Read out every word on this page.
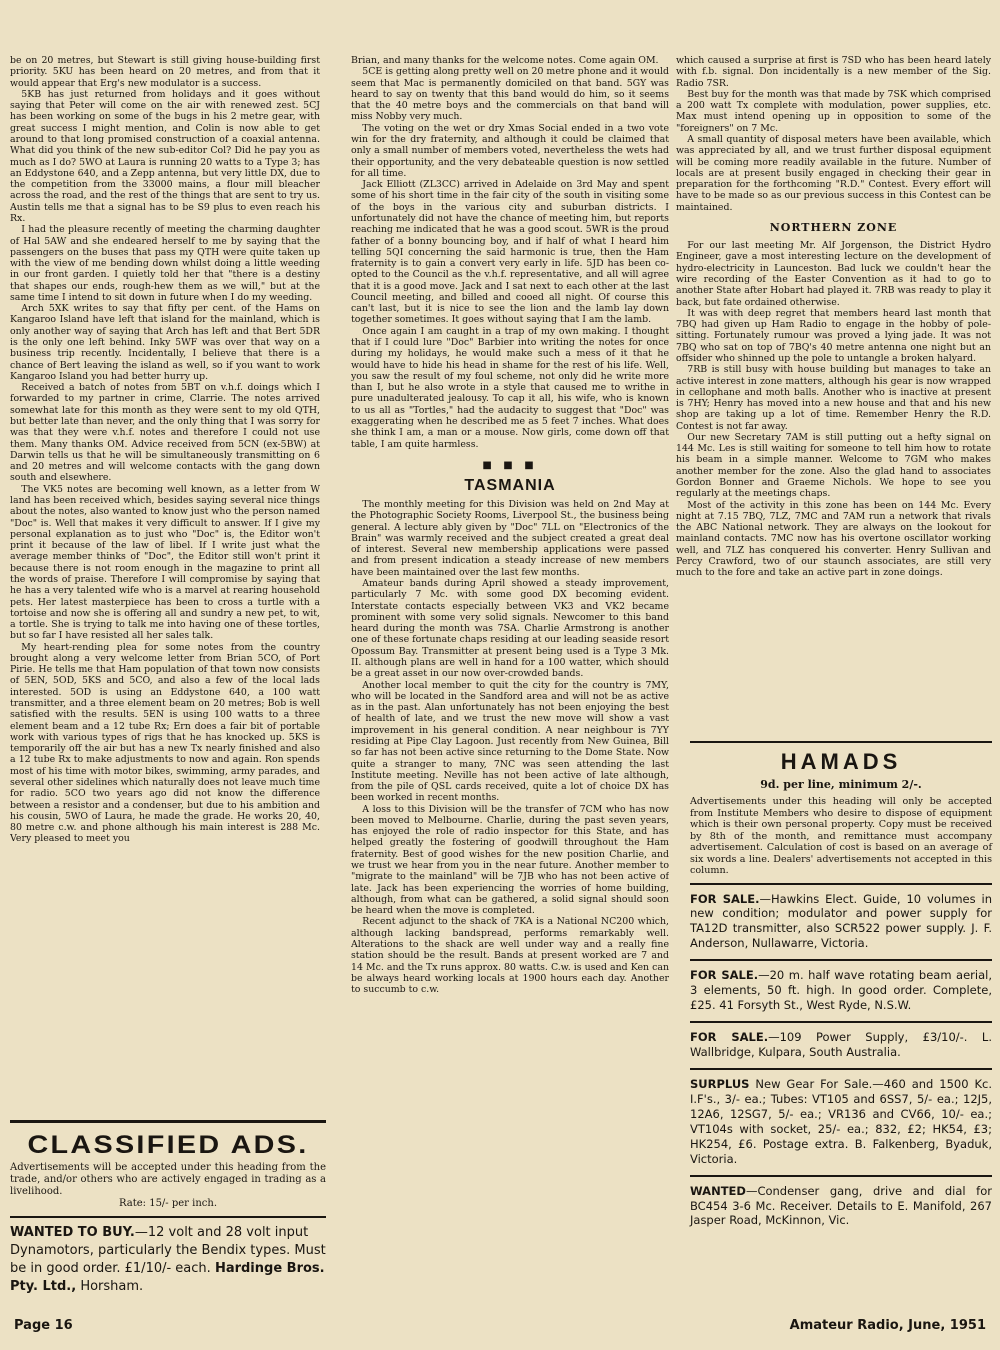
be on 20 metres, but Stewart is still giving house-building first priority. 5KU has been heard on 20 metres, and from that it would appear that Erg's new modulator is a success.

5KB has just returned from holidays and it goes without saying that Peter will come on the air with renewed zest. 5CJ has been working on some of the bugs in his 2 metre gear, with great success I might mention, and Colin is now able to get around to that long promised construction of a coaxial antenna. What did you think of the new sub-editor Col? Did he pay you as much as I do? 5WO at Laura is running 20 watts to a Type 3; has an Eddystone 640, and a Zepp antenna, but very little DX, due to the competition from the 33000 mains, a flour mill bleacher across the road, and the rest of the things that are sent to try us. Austin tells me that a signal has to be S9 plus to even reach his Rx.

I had the pleasure recently of meeting the charming daughter of Hal 5AW and she endeared herself to me by saying that the passengers on the buses that pass my QTH were quite taken up with the view of me bending down whilst doing a little weeding in our front garden. I quietly told her that "there is a destiny that shapes our ends, rough-hew them as we will," but at the same time I intend to sit down in future when I do my weeding.

Arch 5XK writes to say that fifty per cent. of the Hams on Kangaroo Island have left that island for the mainland, which is only another way of saying that Arch has left and that Bert 5DR is the only one left behind. Inky 5WF was over that way on a business trip recently. Incidentally, I believe that there is a chance of Bert leaving the island as well, so if you want to work Kangaroo Island you had better hurry up.

Received a batch of notes from 5BT on v.h.f. doings which I forwarded to my partner in crime, Clarrie. The notes arrived somewhat late for this month as they were sent to my old QTH, but better late than never, and the only thing that I was sorry for was that they were v.h.f. notes and therefore I could not use them. Many thanks OM. Advice received from 5CN (ex-5BW) at Darwin tells us that he will be simultaneously transmitting on 6 and 20 metres and will welcome contacts with the gang down south and elsewhere.

The VK5 notes are becoming well known, as a letter from W land has been received which, besides saying several nice things about the notes, also wanted to know just who the person named "Doc" is. Well that makes it very difficult to answer. If I give my personal explanation as to just who "Doc" is, the Editor won't print it because of the law of libel. If I write just what the average member thinks of "Doc", the Editor still won't print it because there is not room enough in the magazine to print all the words of praise. Therefore I will compromise by saying that he has a very talented wife who is a marvel at rearing household pets. Her latest masterpiece has been to cross a turtle with a tortoise and now she is offering all and sundry a new pet, to wit, a tortle. She is trying to talk me into having one of these tortles, but so far I have resisted all her sales talk.

My heart-rending plea for some notes from the country brought along a very welcome letter from Brian 5CO, of Port Pirie. He tells me that Ham population of that town now consists of 5EN, 5OD, 5KS and 5CO, and also a few of the local lads interested. 5OD is using an Eddystone 640, a 100 watt transmitter, and a three element beam on 20 metres; Bob is well satisfied with the results. 5EN is using 100 watts to a three element beam and a 12 tube Rx; Ern does a fair bit of portable work with various types of rigs that he has knocked up. 5KS is temporarily off the air but has a new Tx nearly finished and also a 12 tube Rx to make adjustments to now and again. Ron spends most of his time with motor bikes, swimming, army parades, and several other sidelines which naturally does not leave much time for radio. 5CO two years ago did not know the difference between a resistor and a condenser, but due to his ambition and his cousin, 5WO of Laura, he made the grade. He works 20, 40, 80 metre c.w. and phone although his main interest is 288 Mc. Very pleased to meet you

CLASSIFIED ADS.

Advertisements will be accepted under this heading from the trade, and/or others who are actively engaged in trading as a livelihood.
Rate: 15/- per inch.

WANTED TO BUY.—12 volt and 28 volt input Dynamotors, particularly the Bendix types. Must be in good order. £1/10/- each. Hardinge Bros. Pty. Ltd., Horsham.

Brian, and many thanks for the welcome notes. Come again OM.

5CE is getting along pretty well on 20 metre phone and it would seem that Mac is permanently domiciled on that band. 5GY was heard to say on twenty that this band would do him, so it seems that the 40 metre boys and the commercials on that band will miss Nobby very much.

The voting on the wet or dry Xmas Social ended in a two vote win for the dry fraternity, and although it could be claimed that only a small number of members voted, nevertheless the wets had their opportunity, and the very debateable question is now settled for all time.

Jack Elliott (ZL3CC) arrived in Adelaide on 3rd May and spent some of his short time in the fair city of the south in visiting some of the boys in the various city and suburban districts. I unfortunately did not have the chance of meeting him, but reports reaching me indicated that he was a good scout. 5WR is the proud father of a bonny bouncing boy, and if half of what I heard him telling 5QI concerning the said harmonic is true, then the Ham fraternity is to gain a convert very early in life. 5JD has been co-opted to the Council as the v.h.f. representative, and all will agree that it is a good move. Jack and I sat next to each other at the last Council meeting, and billed and cooed all night. Of course this can't last, but it is nice to see the lion and the lamb lay down together sometimes. It goes without saying that I am the lamb.

Once again I am caught in a trap of my own making. I thought that if I could lure "Doc" Barbier into writing the notes for once during my holidays, he would make such a mess of it that he would have to hide his head in shame for the rest of his life. Well, you saw the result of my foul scheme, not only did he write more than I, but he also wrote in a style that caused me to writhe in pure unadulterated jealousy. To cap it all, his wife, who is known to us all as "Tortles," had the audacity to suggest that "Doc" was exaggerating when he described me as 5 feet 7 inches. What does she think I am, a man or a mouse. Now girls, come down off that table, I am quite harmless.

■ ■ ■
TASMANIA

The monthly meeting for this Division was held on 2nd May at the Photographic Society Rooms, Liverpool St., the business being general. A lecture ably given by "Doc" 7LL on "Electronics of the Brain" was warmly received and the subject created a great deal of interest. Several new membership applications were passed and from present indication a steady increase of new members have been maintained over the last few months.

Amateur bands during April showed a steady improvement, particularly 7 Mc. with some good DX becoming evident. Interstate contacts especially between VK3 and VK2 became prominent with some very solid signals. Newcomer to this band heard during the month was 7SA. Charlie Armstrong is another one of these fortunate chaps residing at our leading seaside resort Opossum Bay. Transmitter at present being used is a Type 3 Mk. II. although plans are well in hand for a 100 watter, which should be a great asset in our now over-crowded bands.

Another local member to quit the city for the country is 7MY, who will be located in the Sandford area and will not be as active as in the past. Alan unfortunately has not been enjoying the best of health of late, and we trust the new move will show a vast improvement in his general condition. A near neighbour is 7YY residing at Pipe Clay Lagoon. Just recently from New Guinea, Bill so far has not been active since returning to the Dome State. Now quite a stranger to many, 7NC was seen attending the last Institute meeting. Neville has not been active of late although, from the pile of QSL cards received, quite a lot of choice DX has been worked in recent months.

A loss to this Division will be the transfer of 7CM who has now been moved to Melbourne. Charlie, during the past seven years, has enjoyed the role of radio inspector for this State, and has helped greatly the fostering of goodwill throughout the Ham fraternity. Best of good wishes for the new position Charlie, and we trust we hear from you in the near future. Another member to "migrate to the mainland" will be 7JB who has not been active of late. Jack has been experiencing the worries of home building, although, from what can be gathered, a solid signal should soon be heard when the move is completed.

Recent adjunct to the shack of 7KA is a National NC200 which, although lacking bandspread, performs remarkably well. Alterations to the shack are well under way and a really fine station should be the result. Bands at present worked are 7 and 14 Mc. and the Tx runs approx. 80 watts. C.w. is used and Ken can be always heard working locals at 1900 hours each day. Another to succumb to c.w.

which caused a surprise at first is 7SD who has been heard lately with f.b. signal. Don incidentally is a new member of the Sig. Radio 7SR.

Best buy for the month was that made by 7SK which comprised a 200 watt Tx complete with modulation, power supplies, etc. Max must intend opening up in opposition to some of the "foreigners" on 7 Mc.

A small quantity of disposal meters have been available, which was appreciated by all, and we trust further disposal equipment will be coming more readily available in the future. Number of locals are at present busily engaged in checking their gear in preparation for the forthcoming "R.D." Contest. Every effort will have to be made so as our previous success in this Contest can be maintained.

NORTHERN ZONE

For our last meeting Mr. Alf Jorgenson, the District Hydro Engineer, gave a most interesting lecture on the development of hydro-electricity in Launceston. Bad luck we couldn't hear the wire recording of the Easter Convention as it had to go to another State after Hobart had played it. 7RB was ready to play it back, but fate ordained otherwise.

It was with deep regret that members heard last month that 7BQ had given up Ham Radio to engage in the hobby of pole-sitting. Fortunately rumour was proved a lying jade. It was not 7BQ who sat on top of 7BQ's 40 metre antenna one night but an offsider who shinned up the pole to untangle a broken halyard.

7RB is still busy with house building but manages to take an active interest in zone matters, although his gear is now wrapped in cellophane and moth balls. Another who is inactive at present is 7HY; Henry has moved into a new house and that and his new shop are taking up a lot of time. Remember Henry the R.D. Contest is not far away.

Our new Secretary 7AM is still putting out a hefty signal on 144 Mc. Les is still waiting for someone to tell him how to rotate his beam in a simple manner. Welcome to 7GM who makes another member for the zone. Also the glad hand to associates Gordon Bonner and Graeme Nichols. We hope to see you regularly at the meetings chaps.

Most of the activity in this zone has been on 144 Mc. Every night at 7.15 7BQ, 7LZ, 7MC and 7AM run a network that rivals the ABC National network. They are always on the lookout for mainland contacts. 7MC now has his overtone oscillator working well, and 7LZ has conquered his converter. Henry Sullivan and Percy Crawford, two of our staunch associates, are still very much to the fore and take an active part in zone doings.

HAMADS
9d. per line, minimum 2/-.

Advertisements under this heading will only be accepted from Institute Members who desire to dispose of equipment which is their own personal property. Copy must be received by 8th of the month, and remittance must accompany advertisement. Calculation of cost is based on an average of six words a line. Dealers' advertisements not accepted in this column.

FOR SALE.—Hawkins Elect. Guide, 10 volumes in new condition; modulator and power supply for TA12D transmitter, also SCR522 power supply. J. F. Anderson, Nullawarre, Victoria.
FOR SALE.—20 m. half wave rotating beam aerial, 3 elements, 50 ft. high. In good order. Complete, £25. 41 Forsyth St., West Ryde, N.S.W.
FOR SALE.—109 Power Supply, £3/10/-. L. Wallbridge, Kulpara, South Australia.
SURPLUS New Gear For Sale.—460 and 1500 Kc. I.F's., 3/- ea.; Tubes: VT105 and 6SS7, 5/- ea.; 12J5, 12A6, 12SG7, 5/- ea.; VR136 and CV66, 10/- ea.; VT104s with socket, 25/- ea.; 832, £2; HK54, £3; HK254, £6. Postage extra. B. Falkenberg, Byaduk, Victoria.
WANTED—Condenser gang, drive and dial for BC454 3-6 Mc. Receiver. Details to E. Manifold, 267 Jasper Road, McKinnon, Vic.
Page 16	Amateur Radio, June, 1951
